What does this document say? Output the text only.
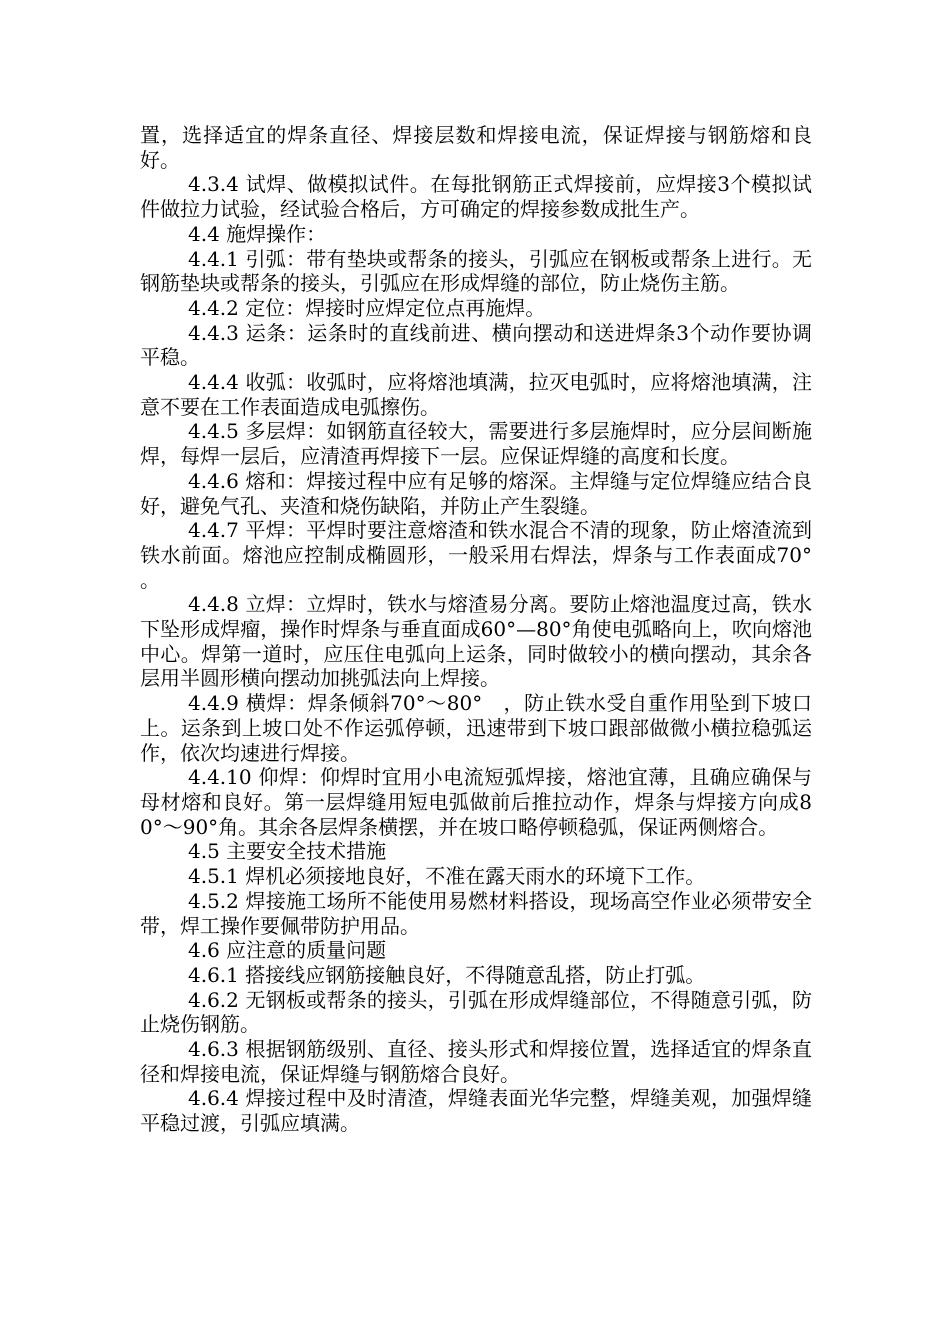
置，选择适宜的焊条直径、焊接层数和焊接电流，保证焊接与钢筋熔和良好。

4.3.4 试焊、做模拟试件。在每批钢筋正式焊接前，应焊接3个模拟试件做拉力试验，经试验合格后，方可确定的焊接参数成批生产。

4.4 施焊操作：

4.4.1 引弧：带有垫块或帮条的接头，引弧应在钢板或帮条上进行。无钢筋垫块或帮条的接头，引弧应在形成焊缝的部位，防止烧伤主筋。

4.4.2 定位：焊接时应焊定位点再施焊。

4.4.3 运条：运条时的直线前进、横向摆动和送进焊条3个动作要协调平稳。

4.4.4 收弧：收弧时，应将熔池填满，拉灭电弧时，应将熔池填满，注意不要在工作表面造成电弧擦伤。

4.4.5 多层焊：如钢筋直径较大，需要进行多层施焊时，应分层间断施焊，每焊一层后，应清渣再焊接下一层。应保证焊缝的高度和长度。

4.4.6 熔和：焊接过程中应有足够的熔深。主焊缝与定位焊缝应结合良好，避免气孔、夹渣和烧伤缺陷，并防止产生裂缝。

4.4.7 平焊：平焊时要注意熔渣和铁水混合不清的现象，防止熔渣流到铁水前面。熔池应控制成椭圆形，一般采用右焊法，焊条与工作表面成70°　。

4.4.8 立焊：立焊时，铁水与熔渣易分离。要防止熔池温度过高，铁水下坠形成焊瘤，操作时焊条与垂直面成60°—80°角使电弧略向上，吹向熔池中心。焊第一道时，应压住电弧向上运条，同时做较小的横向摆动，其余各层用半圆形横向摆动加挑弧法向上焊接。

4.4.9 横焊：焊条倾斜70°～80°　，防止铁水受自重作用坠到下坡口上。运条到上坡口处不作运弧停顿，迅速带到下坡口跟部做微小横拉稳弧运作，依次均速进行焊接。

4.4.10 仰焊：仰焊时宜用小电流短弧焊接，熔池宜薄，且确应确保与母材熔和良好。第一层焊缝用短电弧做前后推拉动作，焊条与焊接方向成80°～90°角。其余各层焊条横摆，并在坡口略停顿稳弧，保证两侧熔合。

4.5 主要安全技术措施

4.5.1 焊机必须接地良好，不准在露天雨水的环境下工作。

4.5.2 焊接施工场所不能使用易燃材料搭设，现场高空作业必须带安全带，焊工操作要佩带防护用品。

4.6 应注意的质量问题

4.6.1 搭接线应钢筋接触良好，不得随意乱搭，防止打弧。

4.6.2 无钢板或帮条的接头，引弧在形成焊缝部位，不得随意引弧，防止烧伤钢筋。

4.6.3 根据钢筋级别、直径、接头形式和焊接位置，选择适宜的焊条直径和焊接电流，保证焊缝与钢筋熔合良好。

4.6.4 焊接过程中及时清渣，焊缝表面光华完整，焊缝美观，加强焊缝平稳过渡，引弧应填满。
